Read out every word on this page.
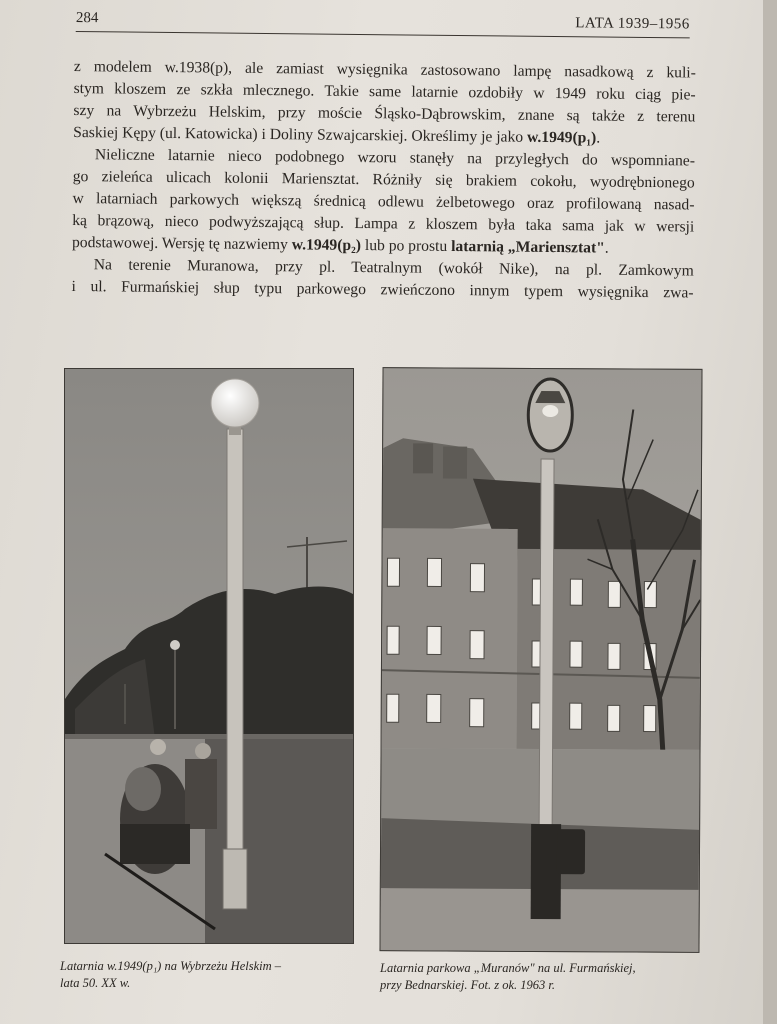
284	LATA 1939–1956
z modelem w.1938(p), ale zamiast wysięgnika zastosowano lampę nasadkową z kuli-
stym kloszem ze szkła mlecznego. Takie same latarnie ozdobiły w 1949 roku ciąg pie-
szy na Wybrzeżu Helskim, przy moście Śląsko-Dąbrowskim, znane są także z terenu
Saskiej Kępy (ul. Katowicka) i Doliny Szwajcarskiej. Określimy je jako w.1949(p₁).
Nieliczne latarnie nieco podobnego wzoru stanęły na przyległych do wspomniane-
go zieleńca ulicach kolonii Mariensztat. Różniły się brakiem cokołu, wyodrębnionego
w latarniach parkowych większą średnicą odlewu żelbetowego oraz profilowaną nasad-
ką brązową, nieco podwyższającą słup. Lampa z kloszem była taka sama jak w wersji
podstawowej. Wersję tę nazwiemy w.1949(p₂) lub po prostu latarnią „Mariensztat".
Na terenie Muranowa, przy pl. Teatralnym (wokół Nike), na pl. Zamkowym
i ul. Furmańskiej słup typu parkowego zwieńczono innym typem wysięgnika zwa-
Latarnia w.1949(p₁) na Wybrzeżu Helskim –
lata 50. XX w.
Latarnia parkowa „Muranów" na ul. Furmańskiej,
przy Bednarskiej. Fot. z ok. 1963 r.
